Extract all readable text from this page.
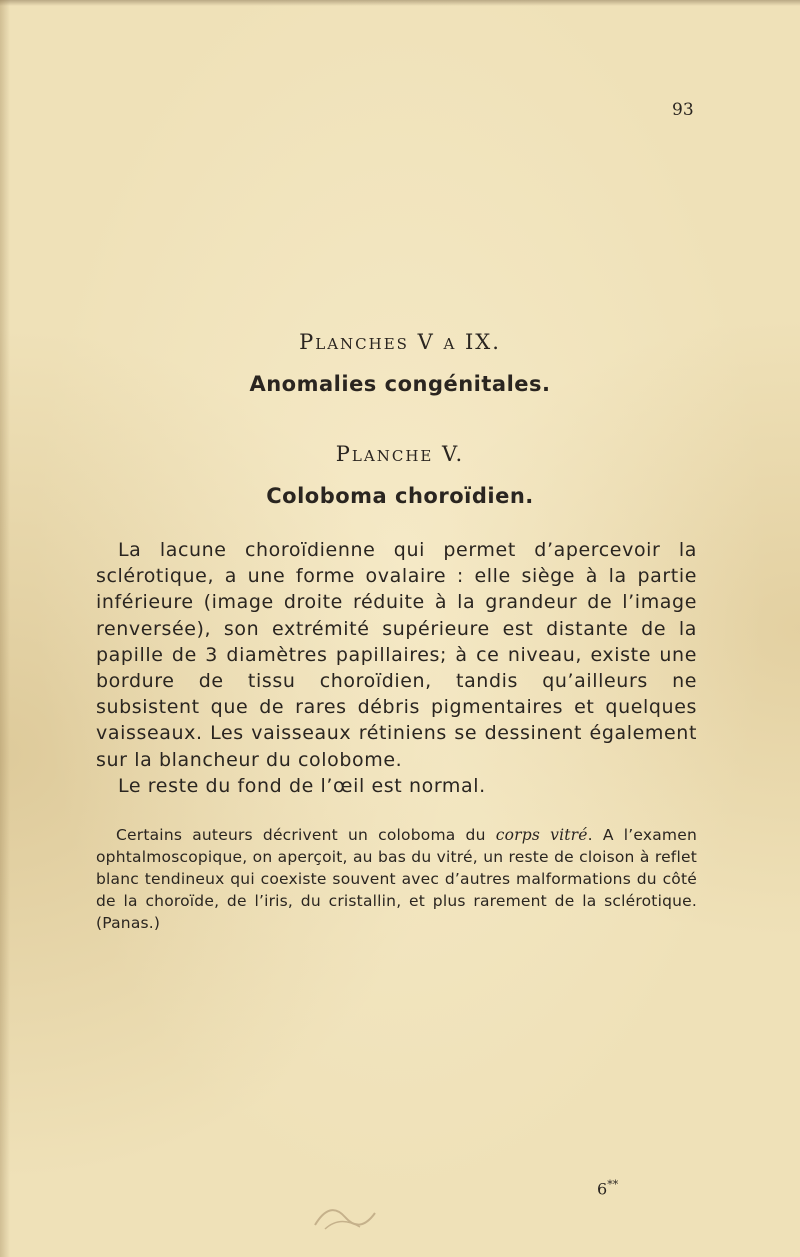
93
Planches V a IX.
Anomalies congénitales.
Planche V.
Coloboma choroïdien.

La lacune choroïdienne qui permet d’apercevoir la sclérotique, a une forme ovalaire : elle siège à la partie inférieure (image droite réduite à la grandeur de l’image renversée), son extrémité supérieure est distante de la papille de 3 diamètres papillaires; à ce niveau, existe une bordure de tissu choroïdien, tandis qu’ailleurs ne subsistent que de rares débris pigmentaires et quelques vaisseaux. Les vaisseaux rétiniens se dessinent également sur la blancheur du colobome.

Le reste du fond de l’œil est normal.

Certains auteurs décrivent un coloboma du corps vitré. A l’examen ophtalmoscopique, on aperçoit, au bas du vitré, un reste de cloison à reflet blanc tendineux qui coexiste souvent avec d’autres malformations du côté de la choroïde, de l’iris, du cristallin, et plus rarement de la sclérotique. (Panas.)

6**
